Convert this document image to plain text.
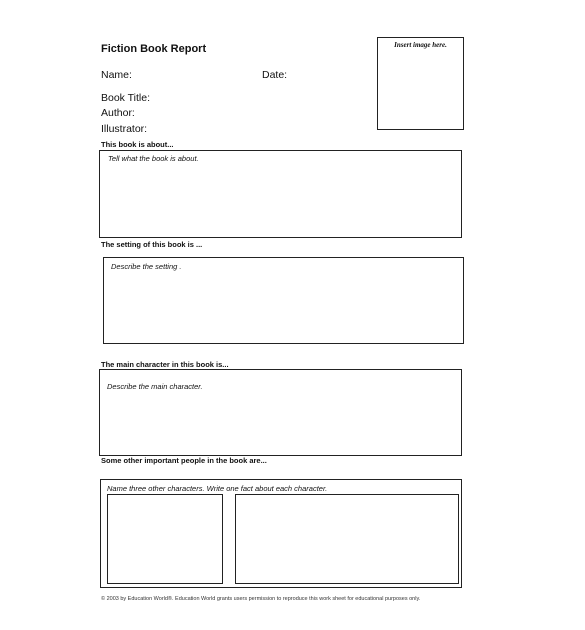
Fiction Book Report
Name:	Date:
Book Title:
Author:
Illustrator:
Insert image here.
This book is about...
Tell what the book is about.
The setting of this book is ...
Describe the setting .
The main character in this book is...
Describe the main character.
Some other important people in the book are...
Name three other characters. Write one fact about each character.
© 2003 by Education World®. Education World grants users permission to reproduce this work sheet for educational purposes only.
